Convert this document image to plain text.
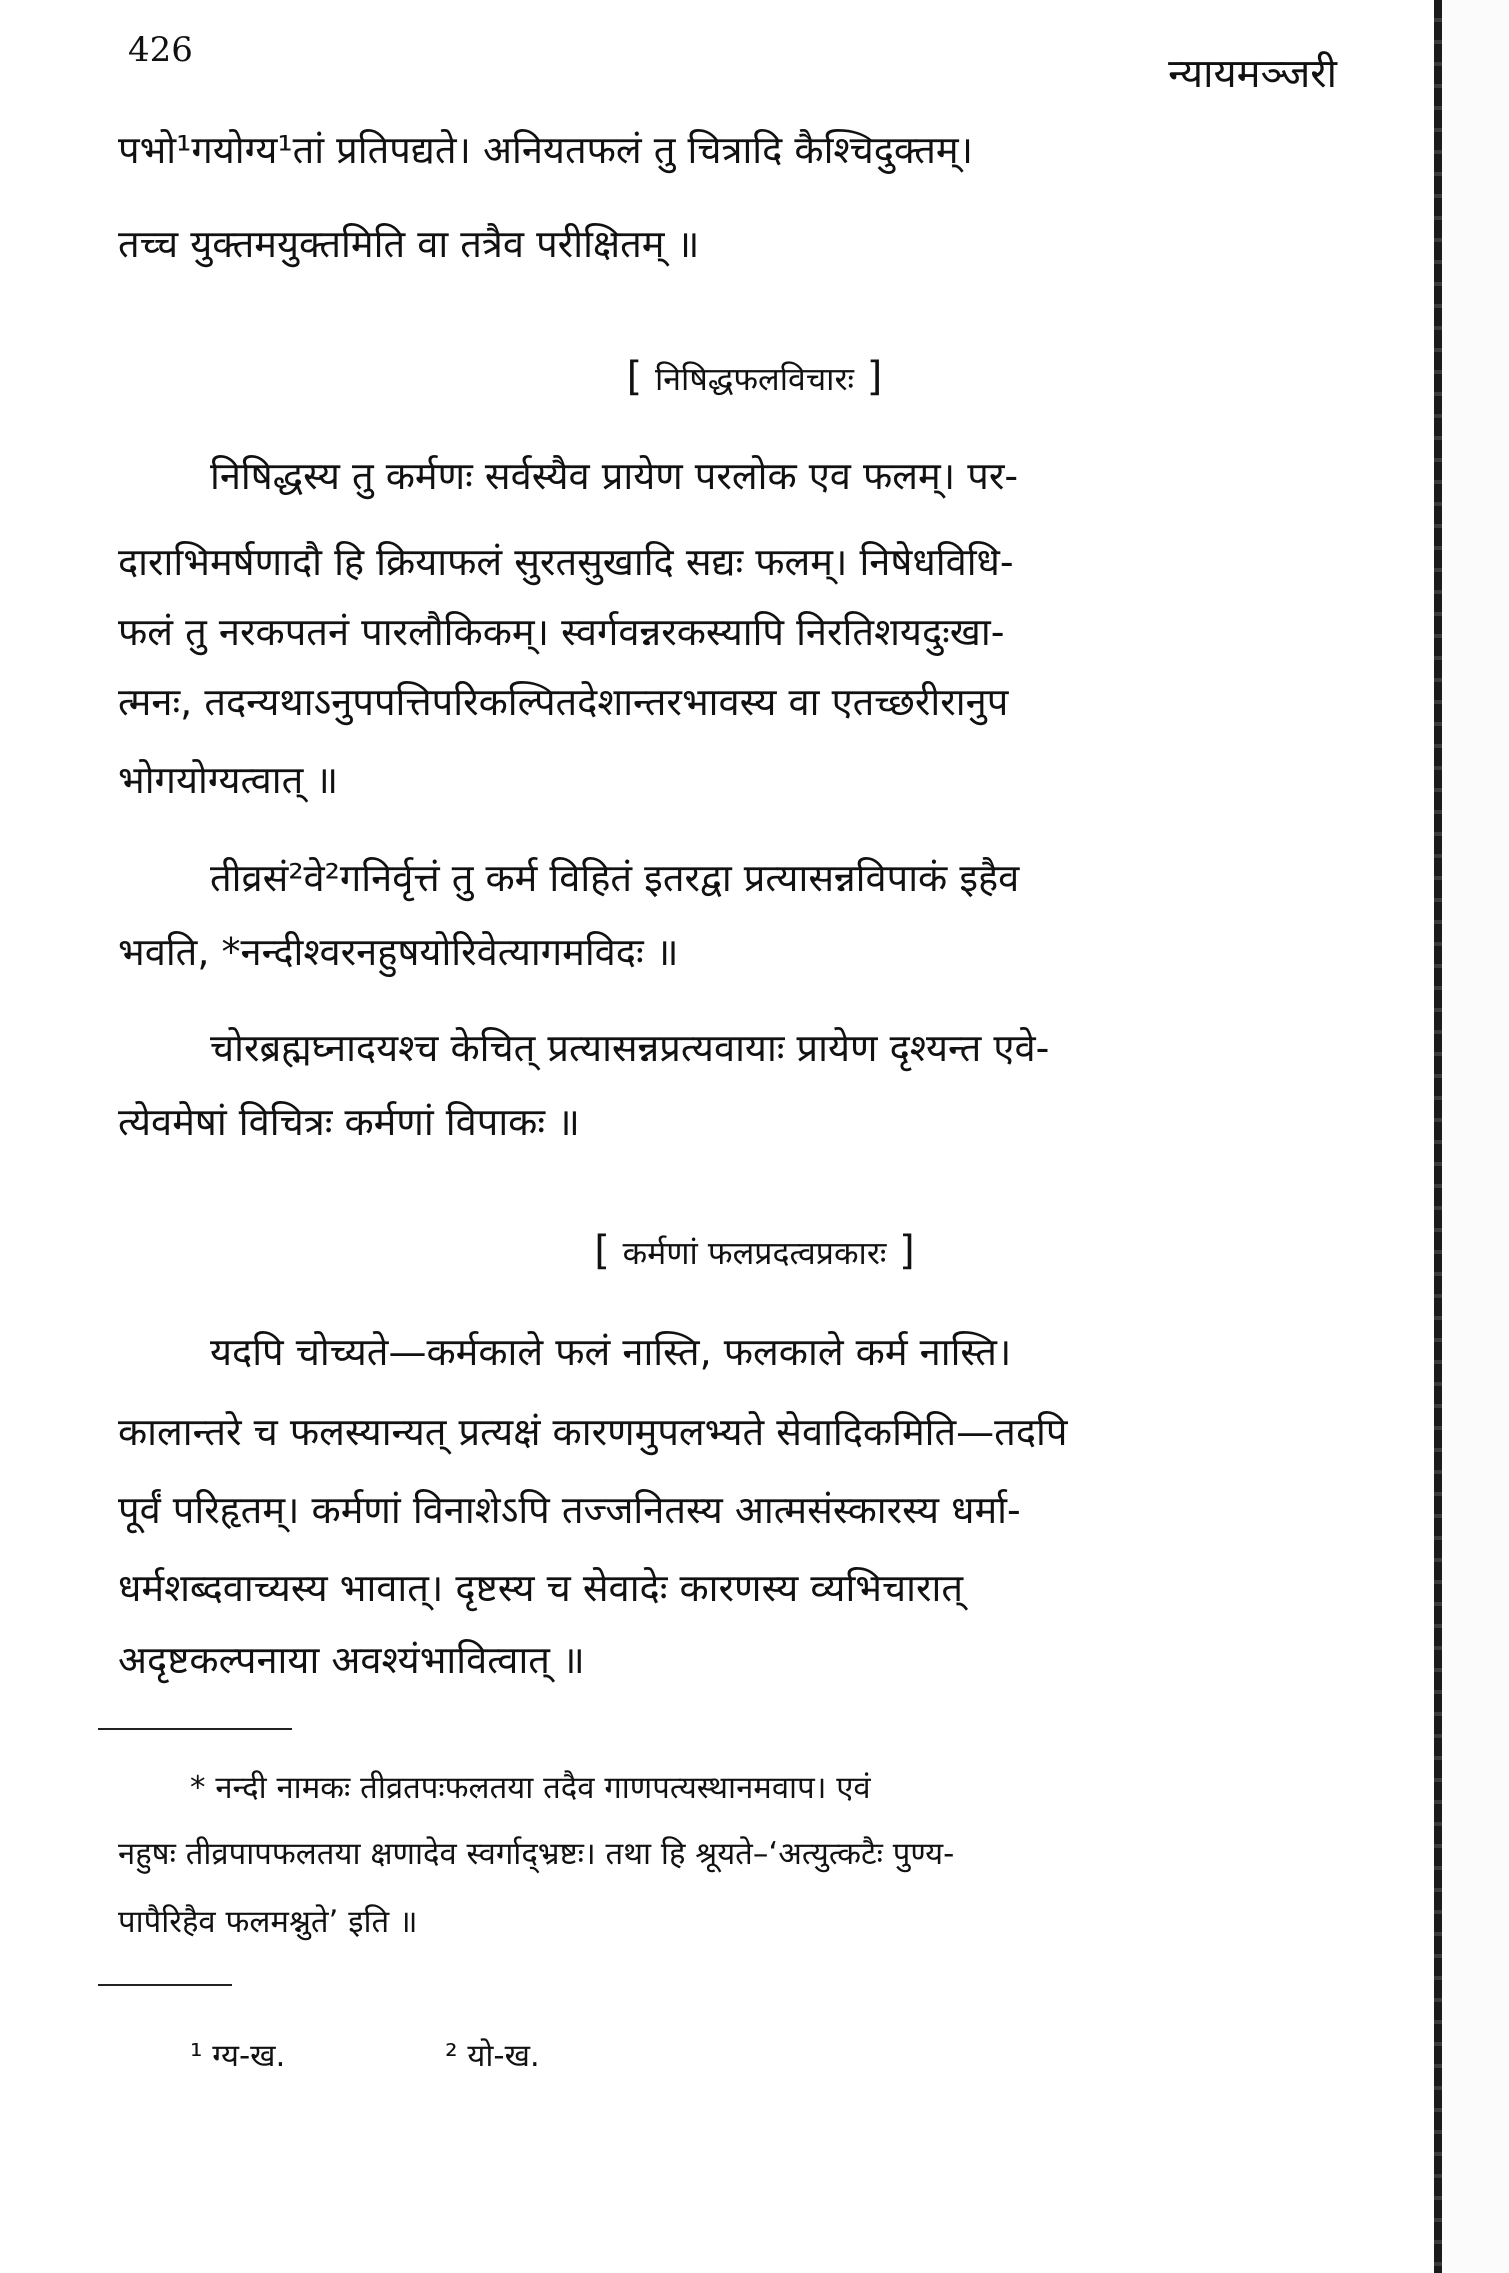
426
न्यायमञ्जरी
पभो¹गयोग्य¹तां प्रतिपद्यते। अनियतफलं तु चित्रादि कैश्चिदुक्तम्।
तच्च युक्तमयुक्तमिति वा तत्रैव परीक्षितम् ॥
[ निषिद्धफलविचारः ]
निषिद्धस्य तु कर्मणः सर्वस्यैव प्रायेण परलोक एव फलम्। पर-
दाराभिमर्षणादौ हि क्रियाफलं सुरतसुखादि सद्यः फलम्। निषेधविधि-
फलं तु नरकपतनं पारलौकिकम्। स्वर्गवन्नरकस्यापि निरतिशयदुःखा-
त्मनः, तदन्यथाऽनुपपत्तिपरिकल्पितदेशान्तरभावस्य वा एतच्छरीरानुप
भोगयोग्यत्वात् ॥
तीव्रसं²वे²गनिर्वृत्तं तु कर्म विहितं इतरद्वा प्रत्यासन्नविपाकं इहैव
भवति, *नन्दीश्वरनहुषयोरिवेत्यागमविदः ॥
चोरब्रह्मघ्नादयश्च केचित् प्रत्यासन्नप्रत्यवायाः प्रायेण दृश्यन्त एवे-
त्येवमेषां विचित्रः कर्मणां विपाकः ॥
[ कर्मणां फलप्रदत्वप्रकारः ]
यदपि चोच्यते—कर्मकाले फलं नास्ति, फलकाले कर्म नास्ति।
कालान्तरे च फलस्यान्यत् प्रत्यक्षं कारणमुपलभ्यते सेवादिकमिति—तदपि
पूर्वं परिहृतम्। कर्मणां विनाशेऽपि तज्जनितस्य आत्मसंस्कारस्य धर्मा-
धर्मशब्दवाच्यस्य भावात्। दृष्टस्य च सेवादेः कारणस्य व्यभिचारात्
अदृष्टकल्पनाया अवश्यंभावित्वात् ॥
* नन्दी नामकः तीव्रतपःफलतया तदैव गाणपत्यस्थानमवाप। एवं
नहुषः तीव्रपापफलतया क्षणादेव स्वर्गाद्भ्रष्टः। तथा हि श्रूयते–‘अत्युत्कटैः पुण्य-
पापैरिहैव फलमश्नुते’ इति ॥
¹ ग्य-ख.	² यो-ख.
